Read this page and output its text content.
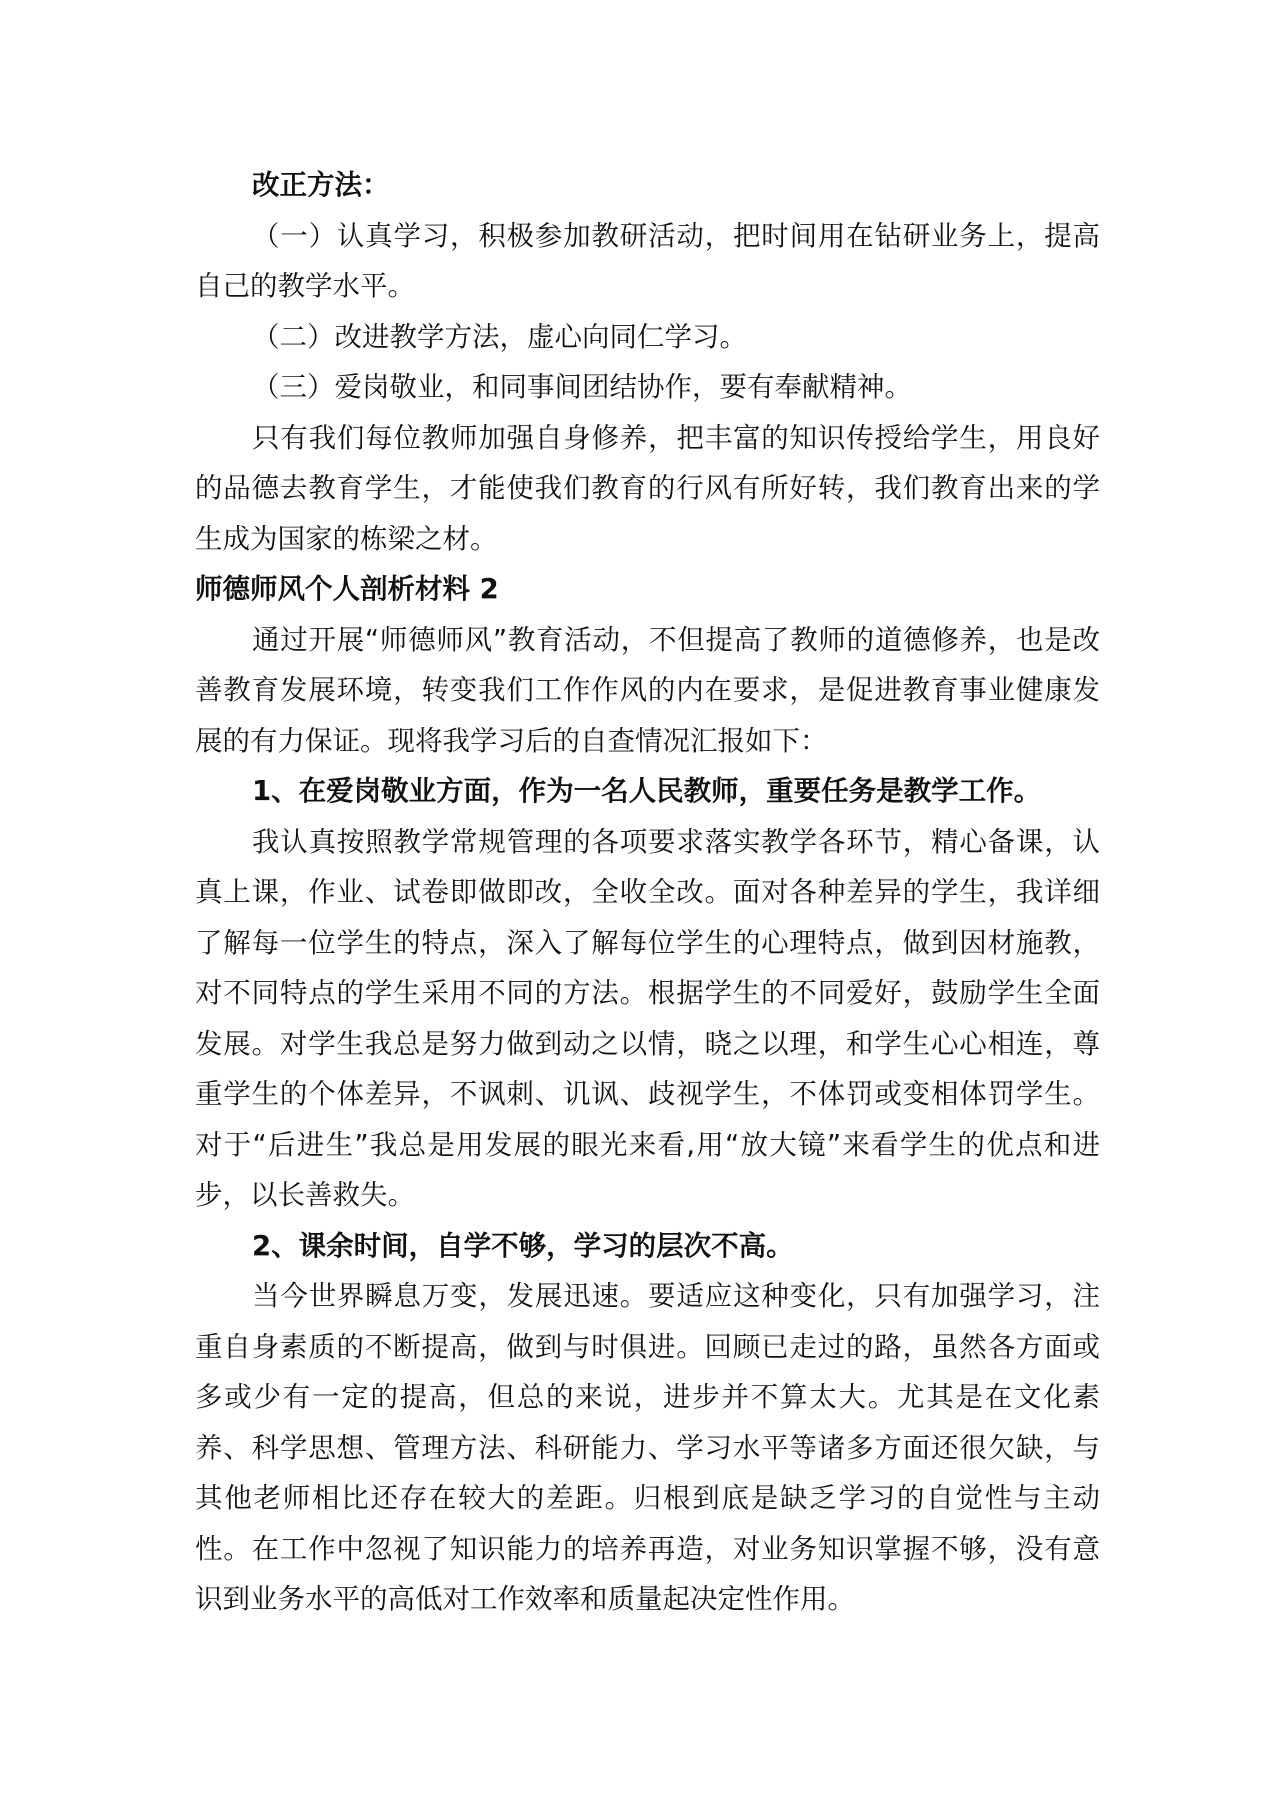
改正方法：

（一）认真学习，积极参加教研活动，把时间用在钻研业务上，提高自己的教学水平。

（二）改进教学方法，虚心向同仁学习。

（三）爱岗敬业，和同事间团结协作，要有奉献精神。

只有我们每位教师加强自身修养，把丰富的知识传授给学生，用良好的品德去教育学生，才能使我们教育的行风有所好转，我们教育出来的学生成为国家的栋梁之材。

师德师风个人剖析材料 2

通过开展“师德师风”教育活动，不但提高了教师的道德修养，也是改善教育发展环境，转变我们工作作风的内在要求，是促进教育事业健康发展的有力保证。现将我学习后的自查情况汇报如下：

1、在爱岗敬业方面，作为一名人民教师，重要任务是教学工作。

我认真按照教学常规管理的各项要求落实教学各环节，精心备课，认真上课，作业、试卷即做即改，全收全改。面对各种差异的学生，我详细了解每一位学生的特点，深入了解每位学生的心理特点，做到因材施教，对不同特点的学生采用不同的方法。根据学生的不同爱好，鼓励学生全面发展。对学生我总是努力做到动之以情，晓之以理，和学生心心相连，尊重学生的个体差异，不讽刺、讥讽、歧视学生，不体罚或变相体罚学生。对于“后进生”我总是用发展的眼光来看,用“放大镜”来看学生的优点和进步，以长善救失。

2、课余时间，自学不够，学习的层次不高。

当今世界瞬息万变，发展迅速。要适应这种变化，只有加强学习，注重自身素质的不断提高，做到与时俱进。回顾已走过的路，虽然各方面或多或少有一定的提高，但总的来说，进步并不算太大。尤其是在文化素养、科学思想、管理方法、科研能力、学习水平等诸多方面还很欠缺，与其他老师相比还存在较大的差距。归根到底是缺乏学习的自觉性与主动性。在工作中忽视了知识能力的培养再造，对业务知识掌握不够，没有意识到业务水平的高低对工作效率和质量起决定性作用。
